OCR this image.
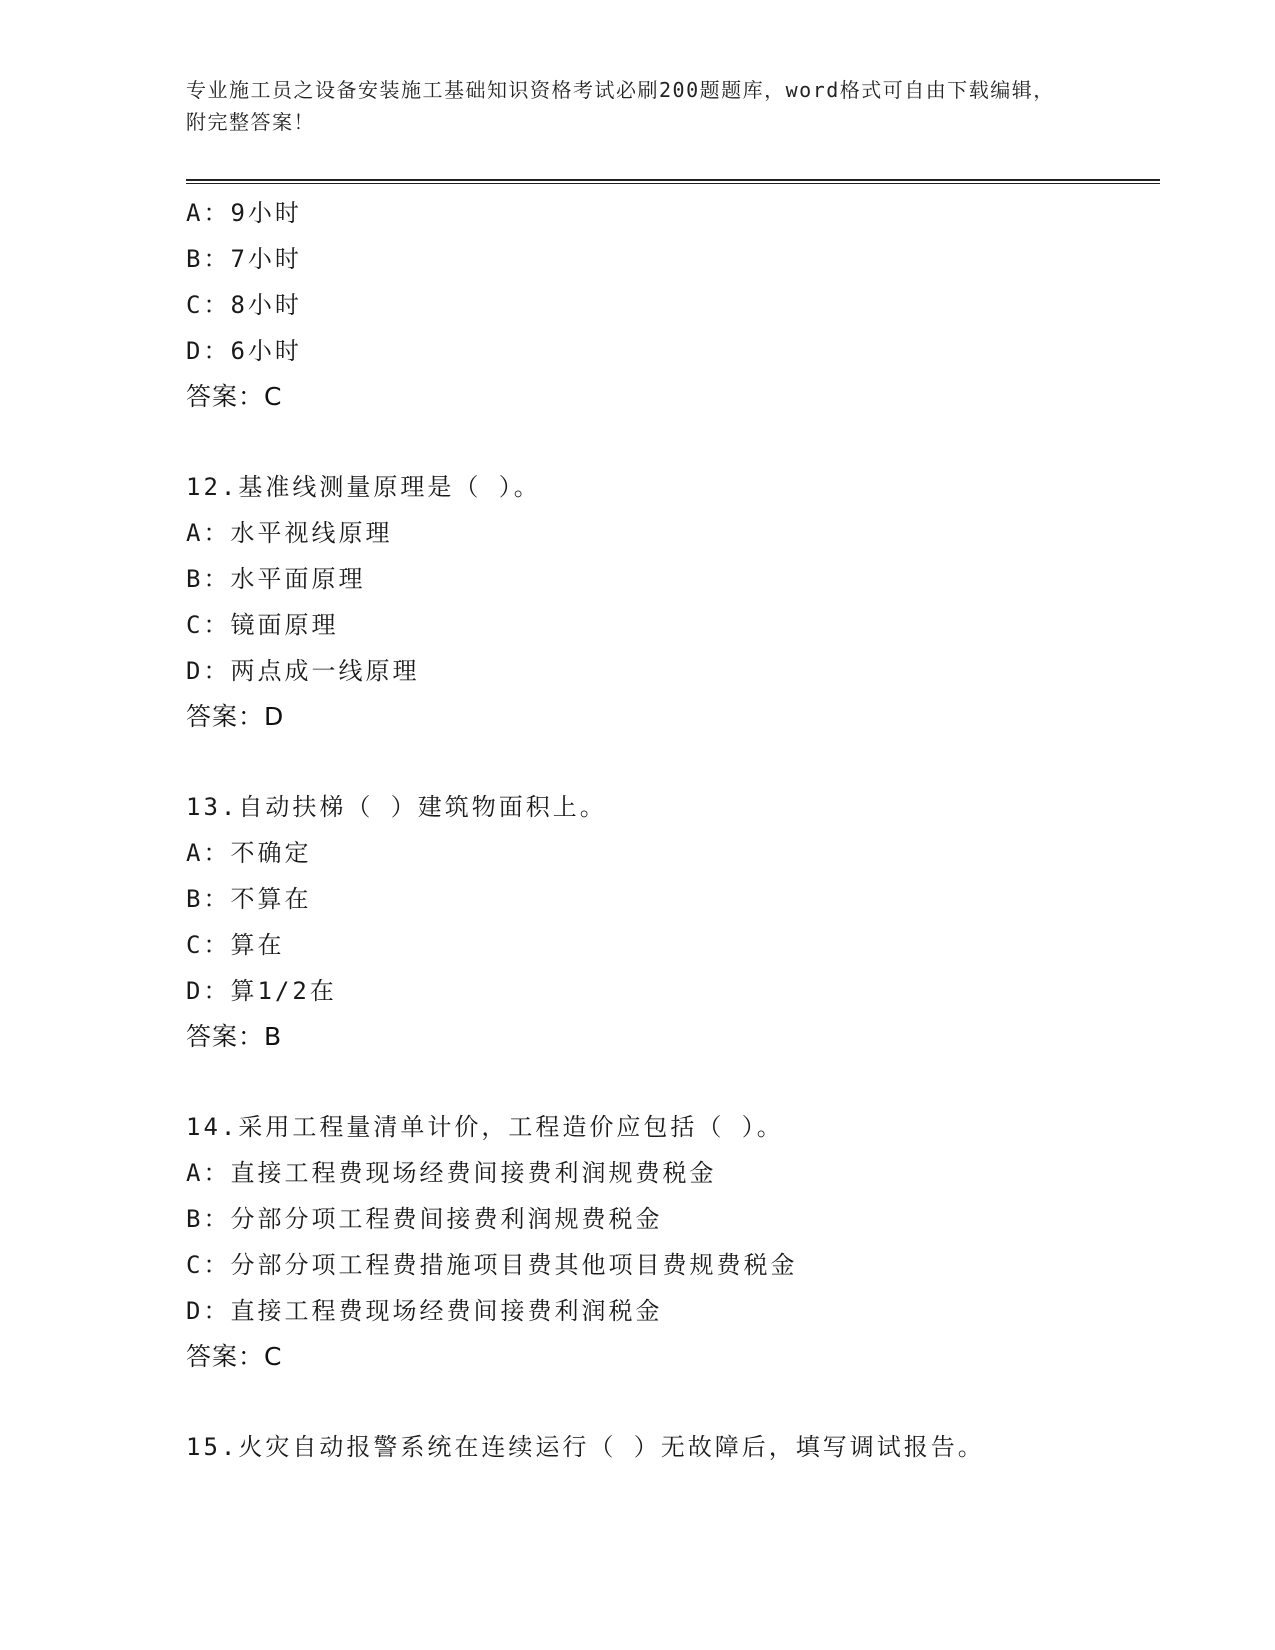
专业施工员之设备安装施工基础知识资格考试必刷200题题库，word格式可自由下载编辑，附完整答案！
A：9小时
B：7小时
C：8小时
D：6小时
答案：C
12.基准线测量原理是（ ）。
A：水平视线原理
B：水平面原理
C：镜面原理
D：两点成一线原理
答案：D
13.自动扶梯（ ）建筑物面积上。
A：不确定
B：不算在
C：算在
D：算1/2在
答案：B
14.采用工程量清单计价，工程造价应包括（ ）。
A：直接工程费现场经费间接费利润规费税金
B：分部分项工程费间接费利润规费税金
C：分部分项工程费措施项目费其他项目费规费税金
D：直接工程费现场经费间接费利润税金
答案：C
15.火灾自动报警系统在连续运行（ ）无故障后，填写调试报告。
